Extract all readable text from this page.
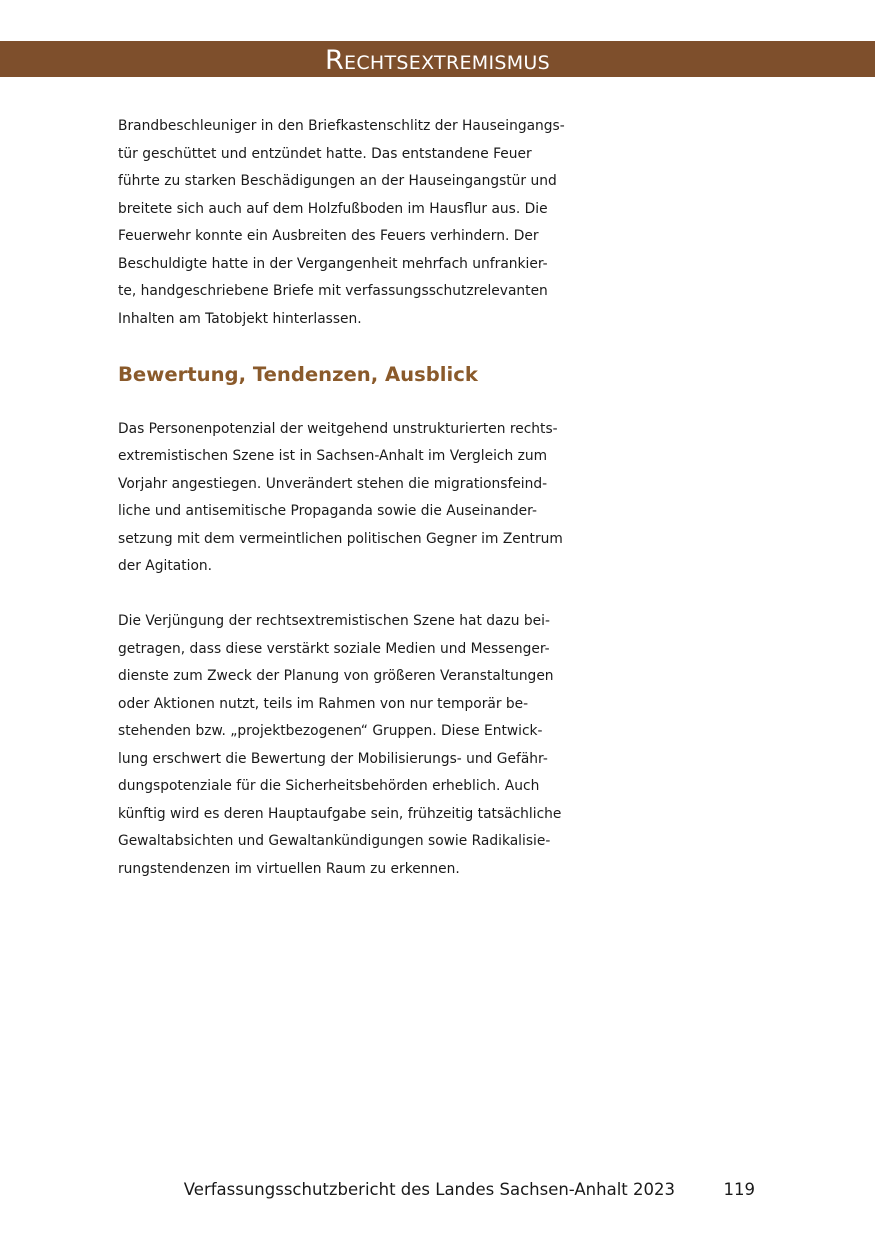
Rechtsextremismus

Brandbeschleuniger in den Briefkastenschlitz der Hauseingangs-
tür geschüttet und entzündet hatte. Das entstandene Feuer
führte zu starken Beschädigungen an der Hauseingangstür und
breitete sich auch auf dem Holzfußboden im Hausflur aus. Die
Feuerwehr konnte ein Ausbreiten des Feuers verhindern. Der
Beschuldigte hatte in der Vergangenheit mehrfach unfrankier-
te, handgeschriebene Briefe mit verfassungsschutzrelevanten
Inhalten am Tatobjekt hinterlassen.

Bewertung, Tendenzen, Ausblick

Das Personenpotenzial der weitgehend unstrukturierten rechts-
extremistischen Szene ist in Sachsen-Anhalt im Vergleich zum
Vorjahr angestiegen. Unverändert stehen die migrationsfeind-
liche und antisemitische Propaganda sowie die Auseinander-
setzung mit dem vermeintlichen politischen Gegner im Zentrum
der Agitation.

Die Verjüngung der rechtsextremistischen Szene hat dazu bei-
getragen, dass diese verstärkt soziale Medien und Messenger-
dienste zum Zweck der Planung von größeren Veranstaltungen
oder Aktionen nutzt, teils im Rahmen von nur temporär be-
stehenden bzw. „projektbezogenen“ Gruppen. Diese Entwick-
lung erschwert die Bewertung der Mobilisierungs- und Gefähr-
dungspotenziale für die Sicherheitsbehörden erheblich. Auch
künftig wird es deren Hauptaufgabe sein, frühzeitig tatsächliche
Gewaltabsichten und Gewaltankündigungen sowie Radikalisie-
rungstendenzen im virtuellen Raum zu erkennen.

Verfassungsschutzbericht des Landes Sachsen-Anhalt 2023	119
